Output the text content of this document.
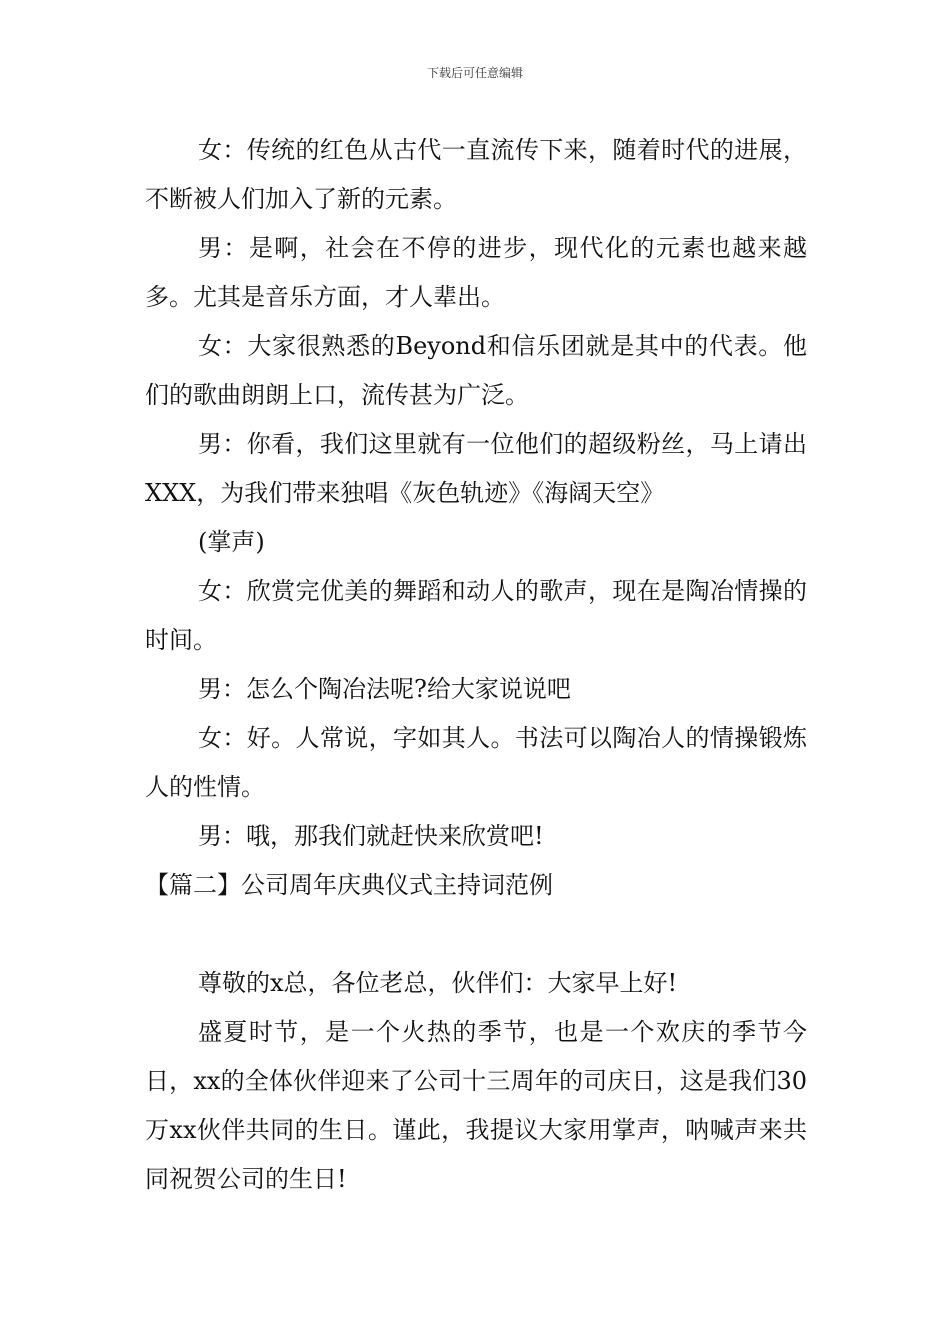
下载后可任意编辑

女：传统的红色从古代一直流传下来，随着时代的进展，不断被人们加入了新的元素。

男：是啊，社会在不停的进步，现代化的元素也越来越多。尤其是音乐方面，才人辈出。

女：大家很熟悉的Beyond和信乐团就是其中的代表。他们的歌曲朗朗上口，流传甚为广泛。

男：你看，我们这里就有一位他们的超级粉丝，马上请出XXX，为我们带来独唱《灰色轨迹》《海阔天空》

(掌声)

女：欣赏完优美的舞蹈和动人的歌声，现在是陶冶情操的时间。

男：怎么个陶冶法呢?给大家说说吧

女：好。人常说，字如其人。书法可以陶冶人的情操锻炼人的性情。

男：哦，那我们就赶快来欣赏吧!

【篇二】公司周年庆典仪式主持词范例

尊敬的x总，各位老总，伙伴们：大家早上好!

盛夏时节，是一个火热的季节，也是一个欢庆的季节今日，xx的全体伙伴迎来了公司十三周年的司庆日，这是我们30万xx伙伴共同的生日。谨此，我提议大家用掌声，呐喊声来共同祝贺公司的生日!
